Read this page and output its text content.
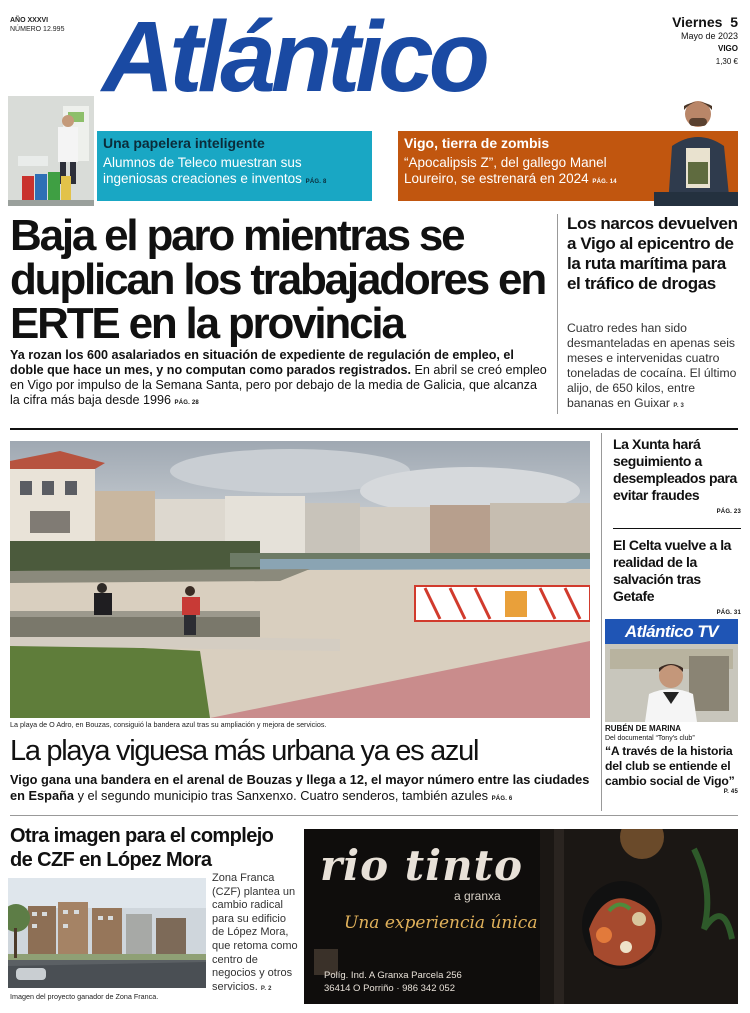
AÑO XXXVI
NÚMERO 12.995 Atlántico	Viernes 5
Mayo de 2023
VIGO
1,30 €
Una papelera inteligente
Alumnos de Teleco muestran sus ingeniosas creaciones e inventos PÁG. 8
Vigo, tierra de zombis
“Apocalipsis Z”, del gallego Manel Loureiro, se estrenará en 2024 PÁG. 14
Baja el paro mientras se duplican los trabajadores en ERTE en la provincia
Ya rozan los 600 asalariados en situación de expediente de regulación de empleo, el doble que hace un mes, y no computan como parados registrados. En abril se creó empleo en Vigo por impulso de la Semana Santa, pero por debajo de la media de Galicia, que alcanza la cifra más baja desde 1996 PÁG. 28
Los narcos devuelven a Vigo al epicentro de la ruta marítima para el tráfico de drogas
Cuatro redes han sido desmanteladas en apenas seis meses e intervenidas cuatro toneladas de cocaína. El último alijo, de 650 kilos, entre bananas en Guixar P. 3
La playa de O Adro, en Bouzas, consiguió la bandera azul tras su ampliación y mejora de servicios.
La playa viguesa más urbana ya es azul
Vigo gana una bandera en el arenal de Bouzas y llega a 12, el mayor número entre las ciudades en España y el segundo municipio tras Sanxenxo. Cuatro senderos, también azules PÁG. 6
La Xunta hará seguimiento a desempleados para evitar fraudes
PÁG. 23
El Celta vuelve a la realidad de la salvación tras Getafe
PÁG. 31
Atlántico TV
RUBÉN DE MARINA
Del documental “Tony's club”
“A través de la historia del club se entiende el cambio social de Vigo”
P. 45
Otra imagen para el complejo de CZF en López Mora
Zona Franca (CZF) plantea un cambio radical para su edificio de López Mora, que retoma como centro de negocios y otros servicios. P. 2
Imagen del proyecto ganador de Zona Franca.
rio tinto
a granxa
Una experiencia única
Políg. Ind. A Granxa Parcela 256
36414 O Porriño · 986 342 052
